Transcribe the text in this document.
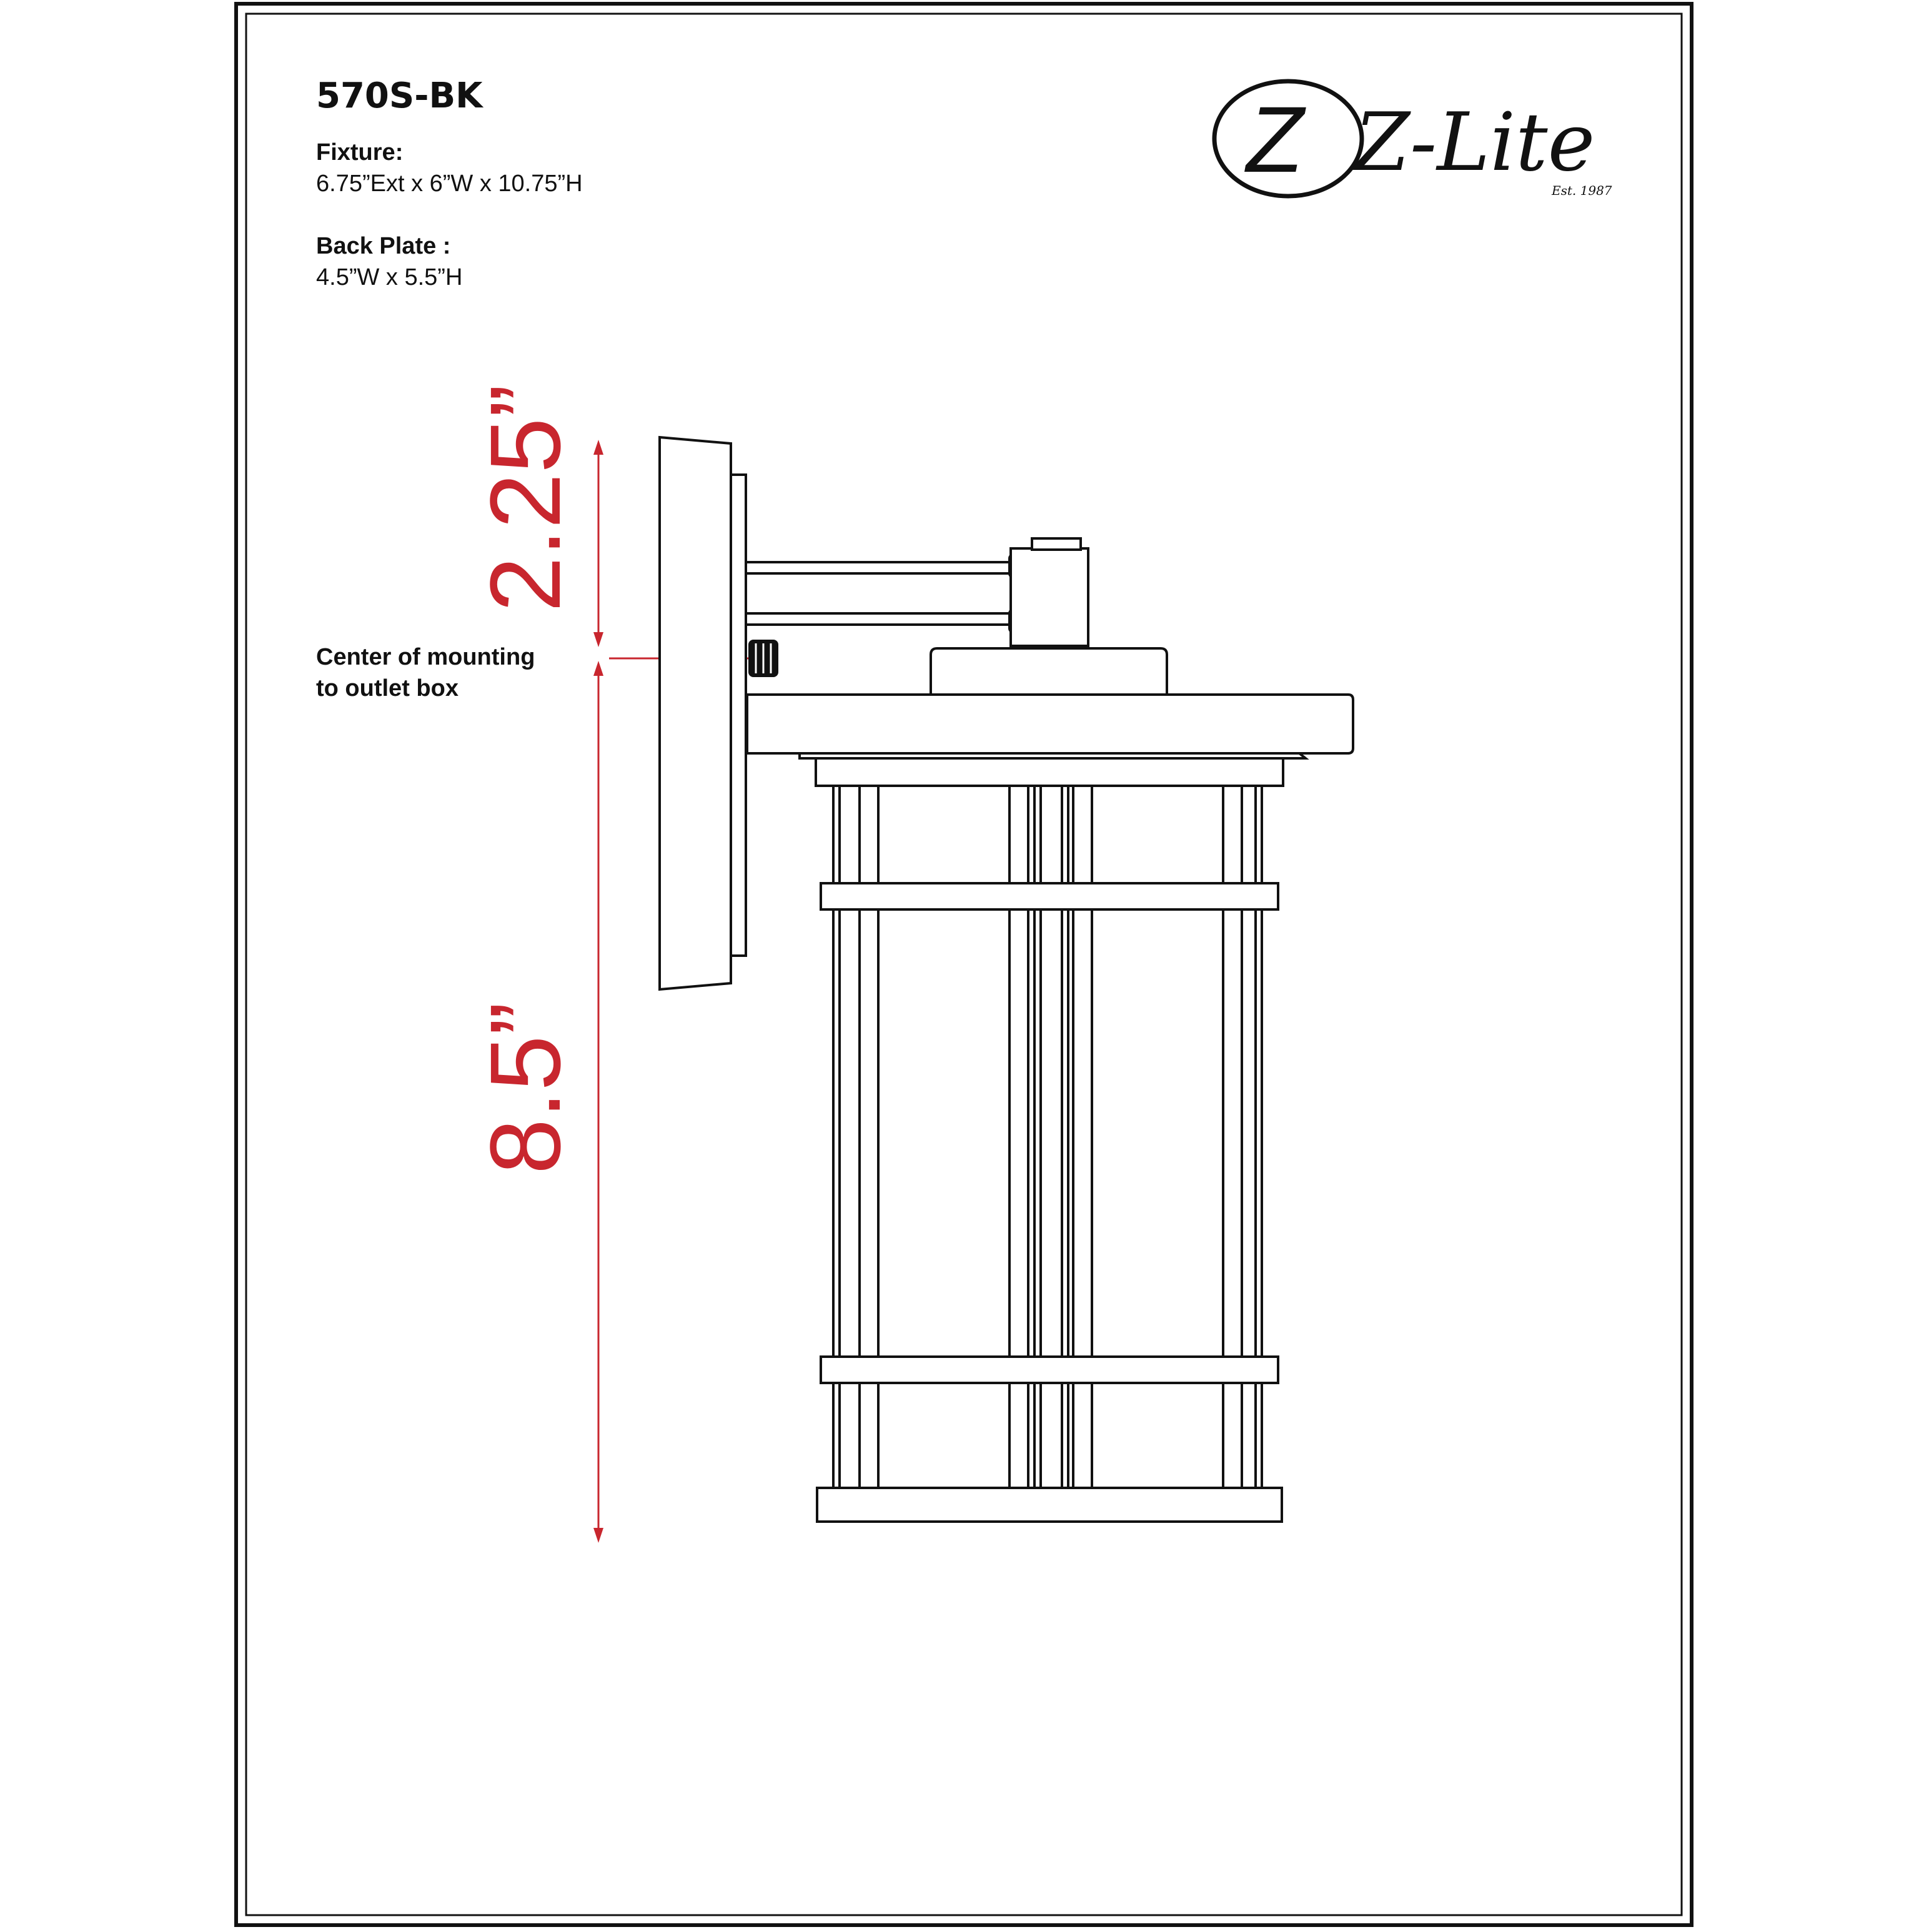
570S-BK
Fixture:
6.75”Ext x 6”W x 10.75”H
Back Plate :
4.5”W x 5.5”H
Z Z-Lite
Est. 1987
Center of mounting
to outlet box
2.25”
8.5”
